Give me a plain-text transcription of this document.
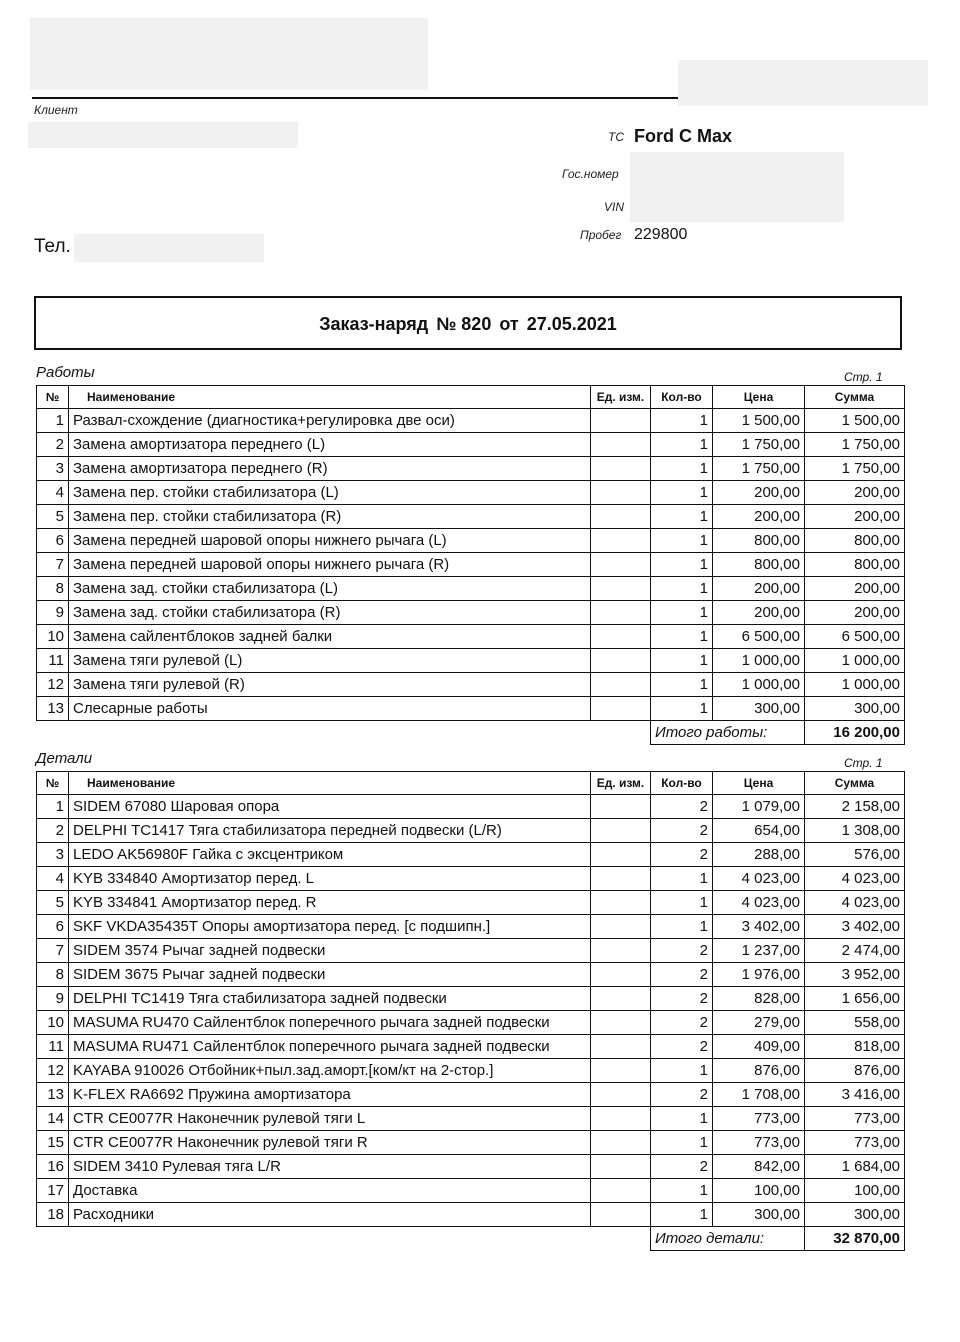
Клиент
Тел.
ТС Ford C Max
Гос.номер
VIN
Пробег 229800
Заказ-наряд № 820 от 27.05.2021
Работы	Стр. 1
№	Наименование	Ед. изм.	Кол-во	Цена	Сумма
1	Развал-схождение (диагностика+регулировка две оси)		1	1 500,00	1 500,00
2	Замена амортизатора переднего (L)		1	1 750,00	1 750,00
3	Замена амортизатора переднего (R)		1	1 750,00	1 750,00
4	Замена пер. стойки стабилизатора (L)		1	200,00	200,00
5	Замена пер. стойки стабилизатора (R)		1	200,00	200,00
6	Замена передней шаровой опоры нижнего рычага (L)		1	800,00	800,00
7	Замена передней шаровой опоры нижнего рычага (R)		1	800,00	800,00
8	Замена зад. стойки стабилизатора (L)		1	200,00	200,00
9	Замена зад. стойки стабилизатора (R)		1	200,00	200,00
10	Замена сайлентблоков задней балки		1	6 500,00	6 500,00
11	Замена тяги рулевой (L)		1	1 000,00	1 000,00
12	Замена тяги рулевой (R)		1	1 000,00	1 000,00
13	Слесарные работы		1	300,00	300,00
			Итого работы:		16 200,00
Детали	Стр. 1
№	Наименование	Ед. изм.	Кол-во	Цена	Сумма
1	SIDEM 67080 Шаровая опора		2	1 079,00	2 158,00
2	DELPHI TC1417 Тяга стабилизатора передней подвески (L/R)		2	654,00	1 308,00
3	LEDO AK56980F Гайка с эксцентриком		2	288,00	576,00
4	KYB 334840 Амортизатор перед. L		1	4 023,00	4 023,00
5	KYB 334841 Амортизатор перед. R		1	4 023,00	4 023,00
6	SKF VKDA35435T Опоры амортизатора перед. [с подшипн.]		1	3 402,00	3 402,00
7	SIDEM 3574 Рычаг задней подвески		2	1 237,00	2 474,00
8	SIDEM 3675 Рычаг задней подвески		2	1 976,00	3 952,00
9	DELPHI TC1419 Тяга стабилизатора задней подвески		2	828,00	1 656,00
10	MASUMA RU470 Сайлентблок поперечного рычага задней подвески		2	279,00	558,00
11	MASUMA RU471 Сайлентблок поперечного рычага задней подвески		2	409,00	818,00
12	KAYABA 910026 Отбойник+пыл.зад.аморт.[ком/кт на 2-стор.]		1	876,00	876,00
13	K-FLEX RA6692 Пружина амортизатора		2	1 708,00	3 416,00
14	CTR CE0077R Наконечник рулевой тяги L		1	773,00	773,00
15	CTR CE0077R Наконечник рулевой тяги R		1	773,00	773,00
16	SIDEM 3410 Рулевая тяга L/R		2	842,00	1 684,00
17	Доставка		1	100,00	100,00
18	Расходники		1	300,00	300,00
			Итого детали:		32 870,00
